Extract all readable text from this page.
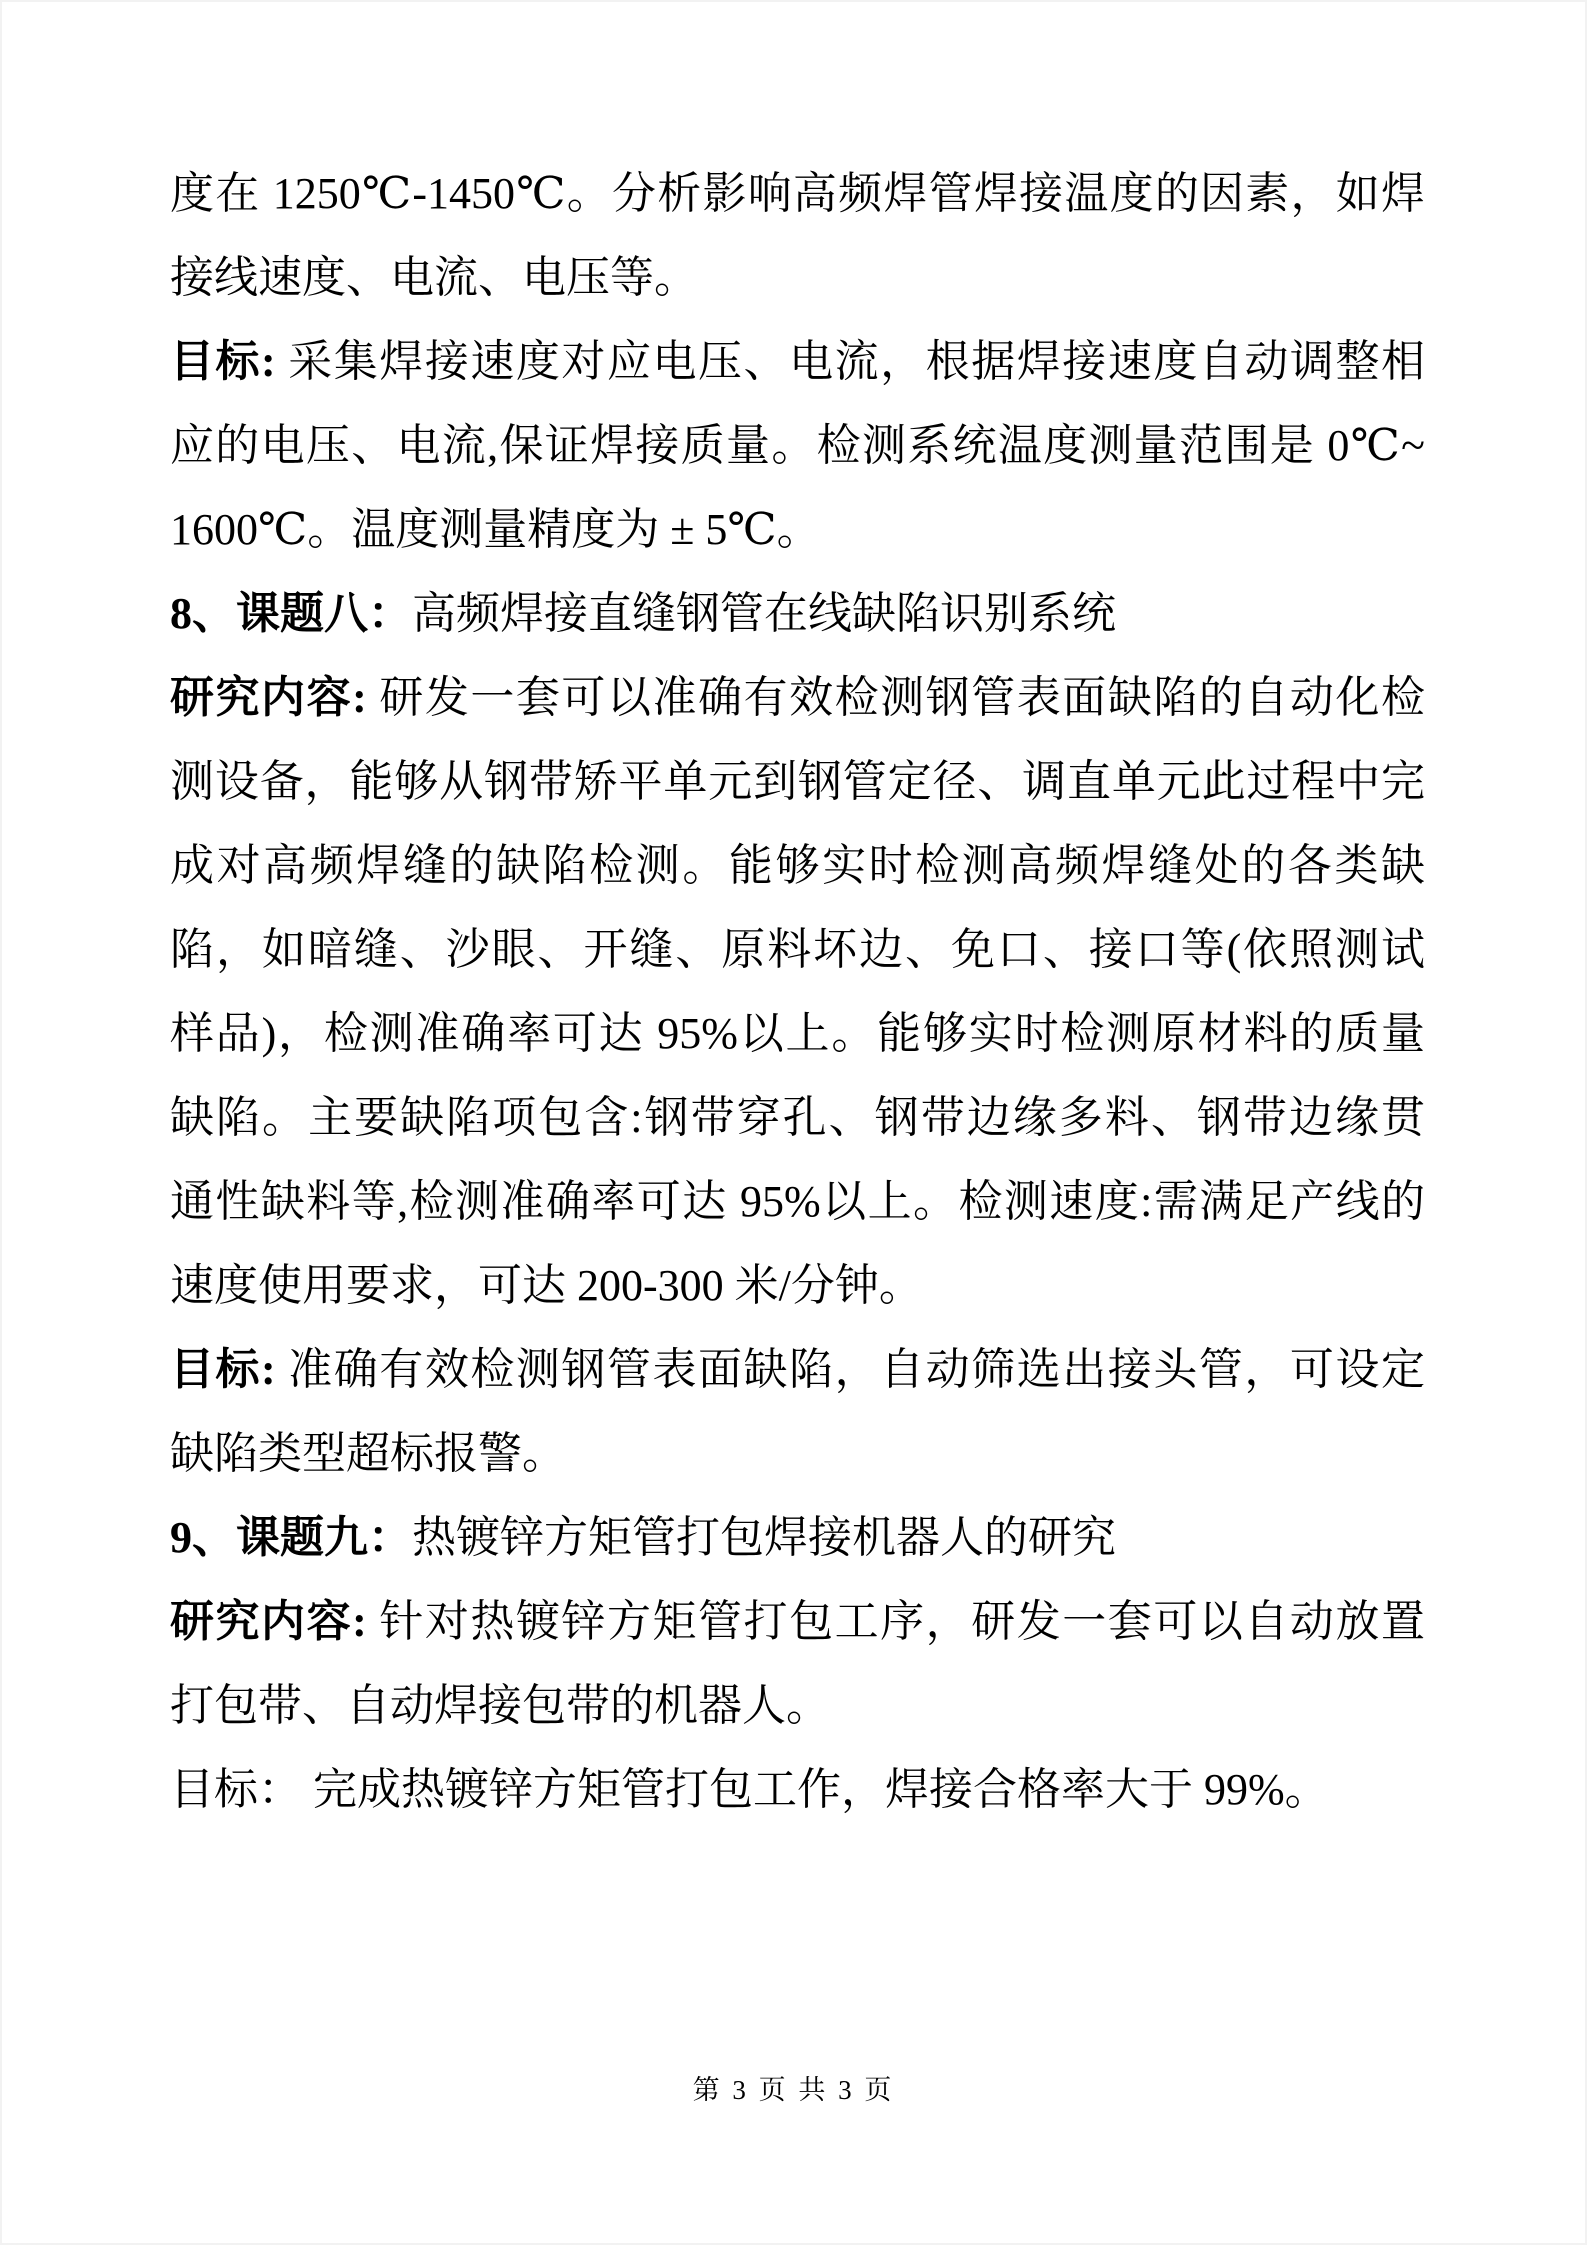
度在 1250℃-1450℃。分析影响高频焊管焊接温度的因素，如焊
接线速度、电流、电压等。
目标: 采集焊接速度对应电压、电流，根据焊接速度自动调整相
应的电压、电流,保证焊接质量。检测系统温度测量范围是 0℃~
1600℃。温度测量精度为 ± 5℃。
8、课题八：高频焊接直缝钢管在线缺陷识别系统
研究内容: 研发一套可以准确有效检测钢管表面缺陷的自动化检
测设备，能够从钢带矫平单元到钢管定径、调直单元此过程中完
成对高频焊缝的缺陷检测。能够实时检测高频焊缝处的各类缺
陷，如暗缝、沙眼、开缝、原料坏边、免口、接口等(依照测试
样品)，检测准确率可达 95%以上。能够实时检测原材料的质量
缺陷。主要缺陷项包含:钢带穿孔、钢带边缘多料、钢带边缘贯
通性缺料等,检测准确率可达 95%以上。检测速度:需满足产线的
速度使用要求，可达 200-300 米/分钟。
目标: 准确有效检测钢管表面缺陷，自动筛选出接头管，可设定
缺陷类型超标报警。
9、课题九：热镀锌方矩管打包焊接机器人的研究
研究内容: 针对热镀锌方矩管打包工序，研发一套可以自动放置
打包带、自动焊接包带的机器人。
目标： 完成热镀锌方矩管打包工作，焊接合格率大于 99%。
第 3 页 共 3 页
